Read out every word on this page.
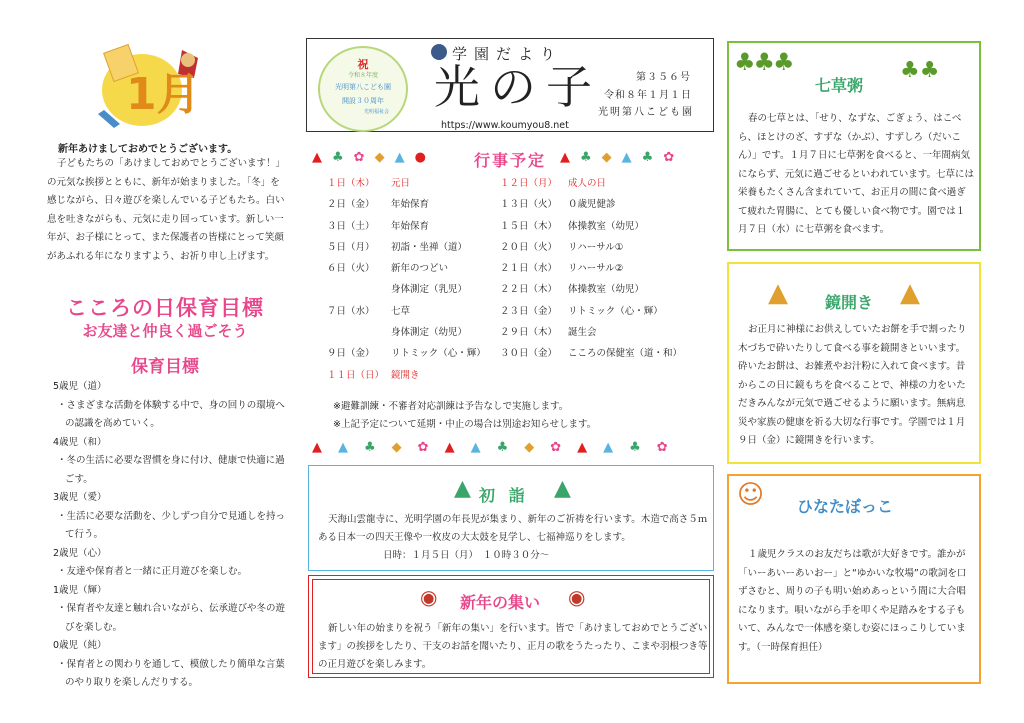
1月
新年あけましておめでとうございます。
子どもたちの「あけましておめでとうございます！」の元気な挨拶とともに、新年が始まりました。「冬」を感じながら、日々遊びを楽しんでいる子どもたち。白い息を吐きながらも、元気に走り回っています。新しい一年が、お子様にとって、また保護者の皆様にとって笑顔があふれる年になりますよう、お祈り申し上げます。
こころの日保育目標
お友達と仲良く過ごそう
保育目標
5歳児（道）
・さまざまな活動を体験する中で、身の回りの環境への認識を高めていく。
4歳児（和）
・冬の生活に必要な習慣を身に付け、健康で快適に過ごす。
3歳児（愛）
・生活に必要な活動を、少しずつ自分で見通しを持って行う。
2歳児（心）
・友達や保育者と一緒に正月遊びを楽しむ。
1歳児（輝）
・保育者や友達と触れ合いながら、伝承遊びや冬の遊びを楽しむ。
0歳児（純）
・保育者との関わりを通して、模倣したり簡単な言葉のやり取りを楽しんだりする。
祝
令和８年度
光明第八こども園
開設３０周年
光明福祉会
学園だより
光の子
https://www.koumyou8.net
第３５６号
令和８年１月１日
光明第八こども園
▲ ♣ ✿ ◆ ▲ ●	行事予定 ▲ ♣ ◆ ▲ ♣ ✿
１日（木） 元日
２日（金） 年始保育
３日（土） 年始保育
５日（月） 初詣・坐禅（道）
６日（火） 新年のつどい
身体測定（乳児）
７日（水） 七草
身体測定（幼児）
９日（金） リトミック（心・輝）
１１日（日） 鏡開き
１２日（月） 成人の日
１３日（火） ０歳児健診
１５日（木） 体操教室（幼児）
２０日（火） リハーサル①
２１日（水） リハーサル②
２２日（木） 体操教室（幼児）
２３日（金） リトミック（心・輝）
２９日（木） 誕生会
３０日（金） こころの保健室（道・和）
※避難訓練・不審者対応訓練は予告なしで実施します。
※上記予定について延期・中止の場合は別途お知らせします。
▲ ▲ ♣ ◆ ✿ ▲ ▲ ♣ ◆ ✿ ▲ ▲ ♣ ✿
▲ 初 詣 ▲
天海山雲龍寺に、光明学園の年長児が集まり、新年のご祈祷を行います。木造で高さ５ｍある日本一の四天王像や一枚皮の大太鼓を見学し、七福神巡りをします。
日時：１月５日（月）　１０時３０分～
◉ 新年の集い ◉
新しい年の始まりを祝う「新年の集い」を行います。皆で「あけましておめでとうございます」の挨拶をしたり、干支のお話を聞いたり、正月の歌をうたったり、こまや羽根つき等の正月遊びを楽しみます。
♣♣♣
七草粥
♣♣
春の七草とは、「せり、なずな、ごぎょう、はこべら、ほとけのざ、すずな（かぶ）、すずしろ（だいこん）」です。１月７日に七草粥を食べると、一年間病気にならず、元気に過ごせるといわれています。七草には栄養もたくさん含まれていて、お正月の間に食べ過ぎて疲れた胃腸に、とても優しい食べ物です。園では１月７日（水）に七草粥を食べます。
▲ 鏡開き ▲
お正月に神様にお供えしていたお餅を手で割ったり木づちで砕いたりして食べる事を鏡開きといいます。砕いたお餅は、お雑煮やお汁粉に入れて食べます。昔からこの日に鏡もちを食べることで、神様の力をいただきみんなが元気で過ごせるように願います。無病息災や家族の健康を祈る大切な行事です。学園では１月９日（金）に鏡開きを行います。
☺ ひなたぼっこ
１歳児クラスのお友だちは歌が大好きです。誰かが「いーあいーあいおー」と“ゆかいな牧場”の歌詞を口ずさむと、周りの子も明い始めあっという間に大合唱になります。唄いながら手を叩くや足踏みをする子もいて、みんなで一体感を楽しむ姿にほっこりしています。（一時保育担任）
